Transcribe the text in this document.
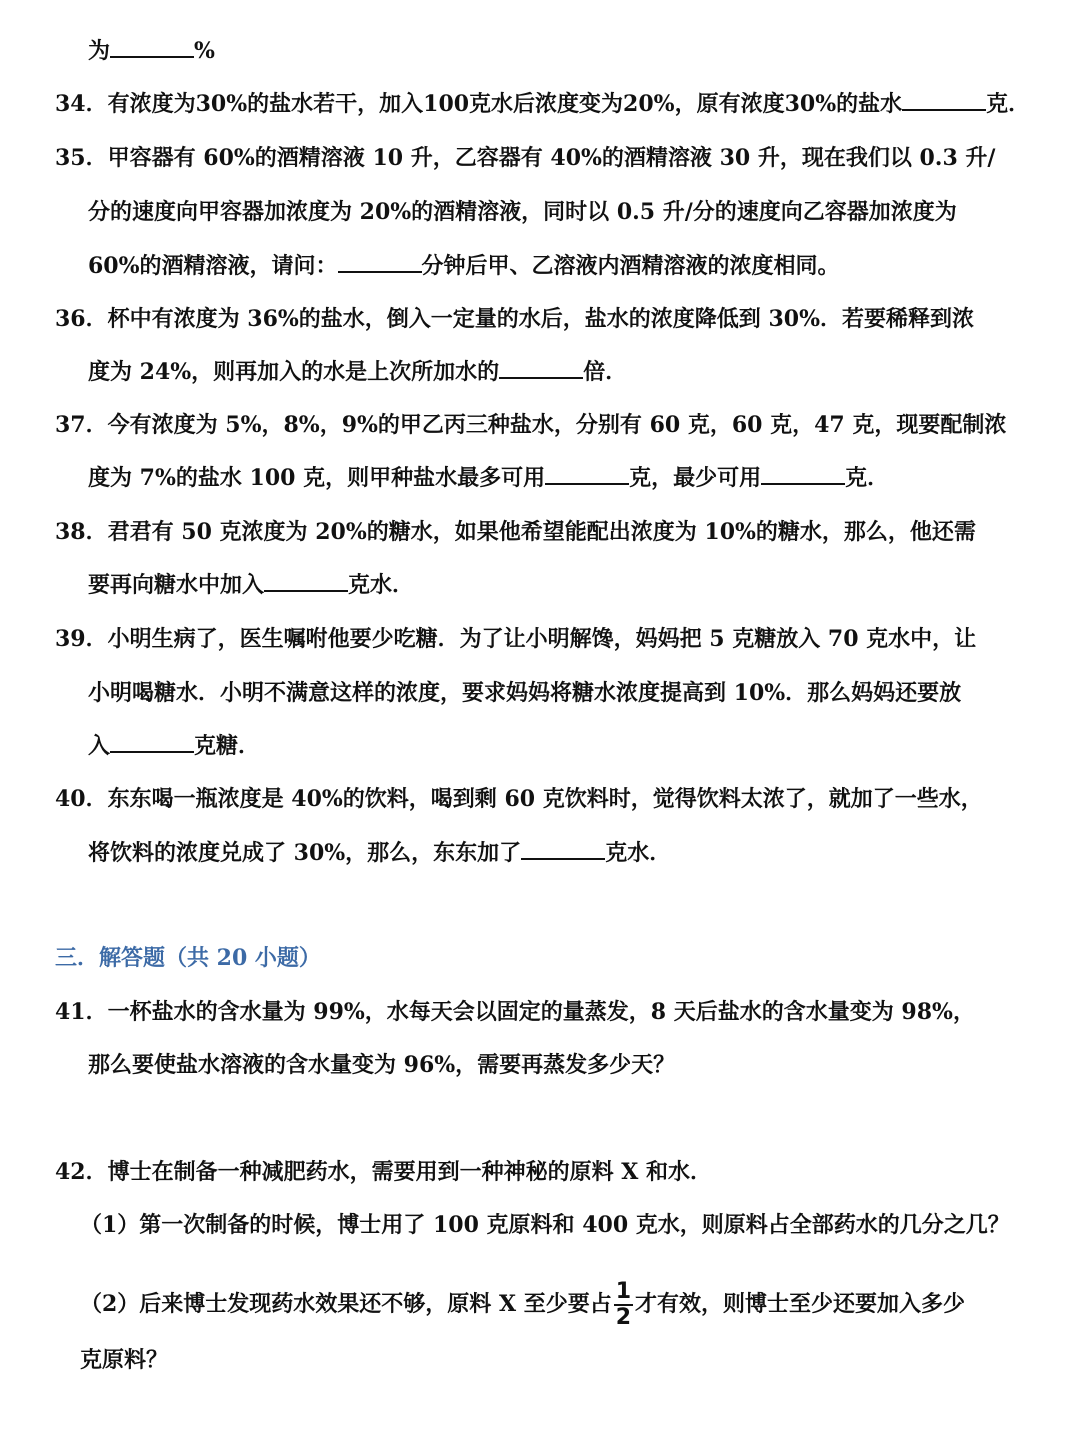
为	%
34．有浓度为30%的盐水若干，加入100克水后浓度变为20%，原有浓度30%的盐水	克．
35．甲容器有 60%的酒精溶液 10 升，乙容器有 40%的酒精溶液 30 升，现在我们以 0.3 升/
分的速度向甲容器加浓度为 20%的酒精溶液，同时以 0.5 升/分的速度向乙容器加浓度为
60%的酒精溶液，请问：	分钟后甲、乙溶液内酒精溶液的浓度相同。
36．杯中有浓度为 36%的盐水，倒入一定量的水后，盐水的浓度降低到 30%．若要稀释到浓
度为 24%，则再加入的水是上次所加水的	倍．
37．今有浓度为 5%，8%，9%的甲乙丙三种盐水，分别有 60 克，60 克，47 克，现要配制浓
度为 7%的盐水 100 克，则甲种盐水最多可用	克，最少可用	克．
38．君君有 50 克浓度为 20%的糖水，如果他希望能配出浓度为 10%的糖水，那么，他还需
要再向糖水中加入	克水．
39．小明生病了，医生嘱咐他要少吃糖．为了让小明解馋，妈妈把 5 克糖放入 70 克水中，让
小明喝糖水．小明不满意这样的浓度，要求妈妈将糖水浓度提高到 10%．那么妈妈还要放
入	克糖．
40．东东喝一瓶浓度是 40%的饮料，喝到剩 60 克饮料时，觉得饮料太浓了，就加了一些水，
将饮料的浓度兑成了 30%，那么，东东加了	克水．
三．解答题（共 20 小题）
41．一杯盐水的含水量为 99%，水每天会以固定的量蒸发，8 天后盐水的含水量变为 98%，
那么要使盐水溶液的含水量变为 96%，需要再蒸发多少天？
42．博士在制备一种减肥药水，需要用到一种神秘的原料 X 和水．
（1）第一次制备的时候，博士用了 100 克原料和 400 克水，则原料占全部药水的几分之几？
（2）后来博士发现药水效果还不够，原料 X 至少要占 $\frac{1}{2}$ 才有效，则博士至少还要加入多少
克原料？
